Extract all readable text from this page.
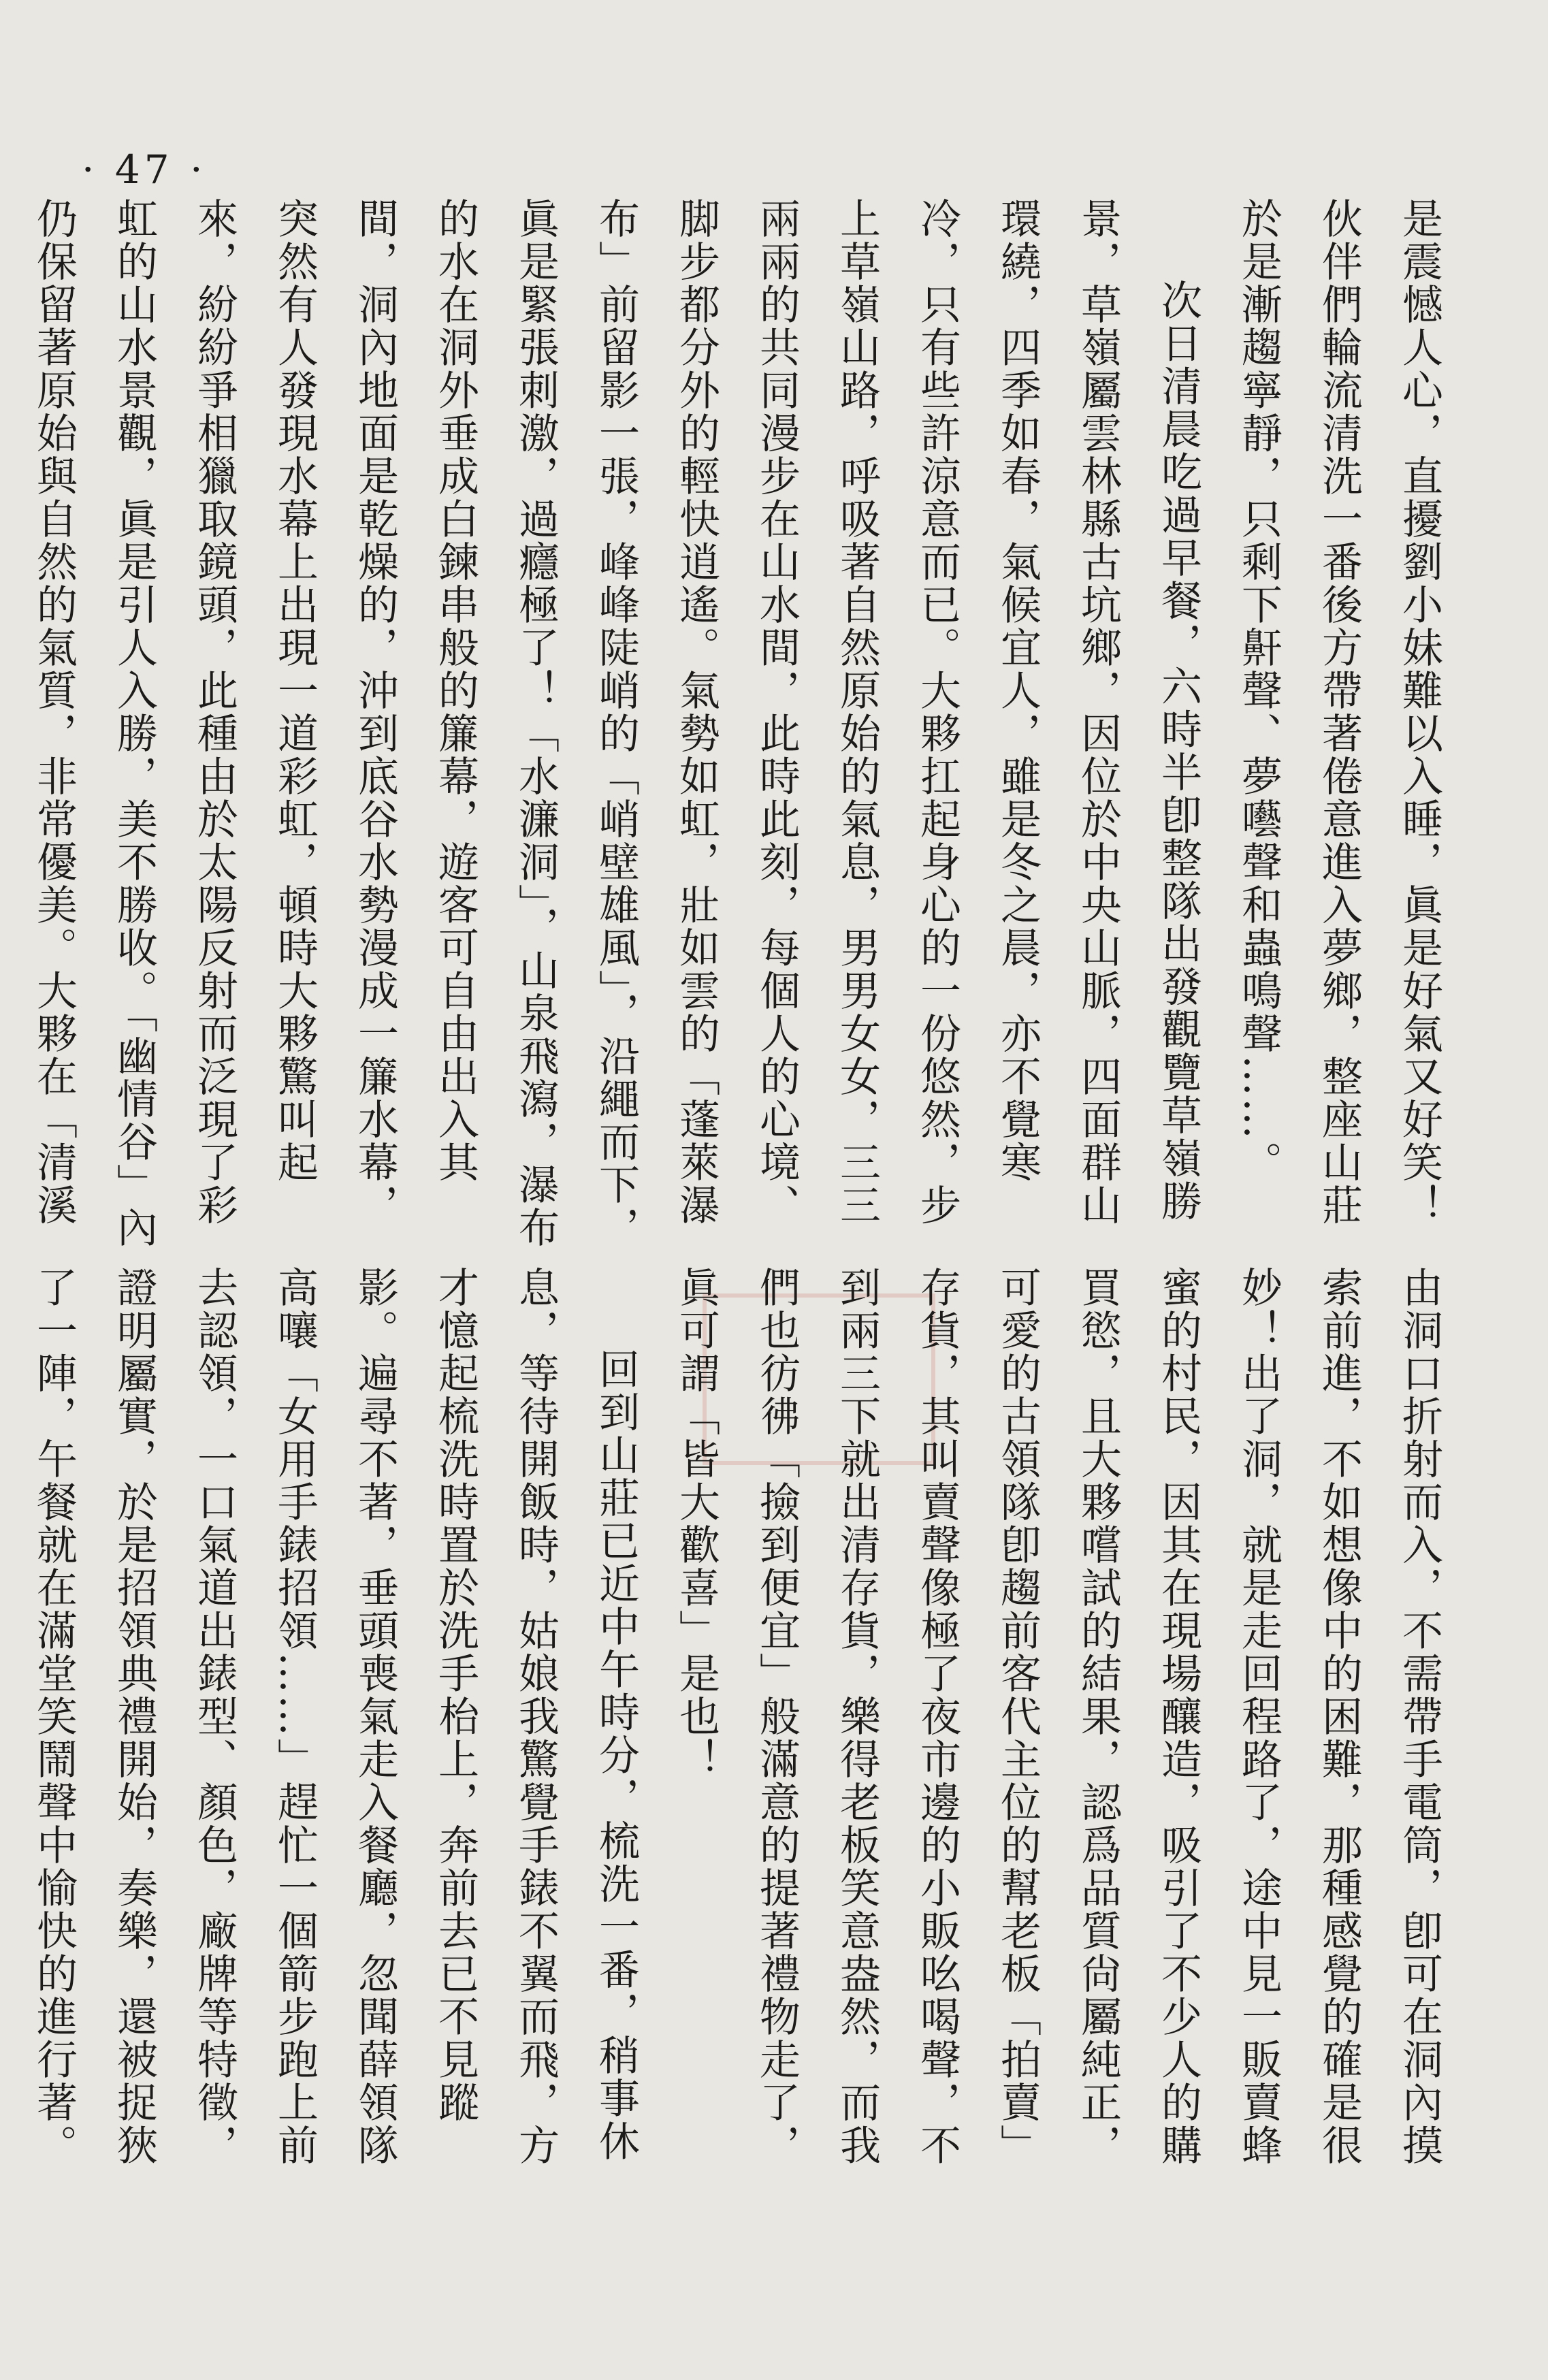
· 47 ·

是震憾人心，直擾劉小妹難以入睡，眞是好氣又好笑！伙伴們輪流清洗一番後方帶著倦意進入夢鄉，整座山莊於是漸趨寧靜，只剩下鼾聲、夢囈聲和蟲鳴聲……。

次日清晨吃過早餐，六時半卽整隊出發觀覽草嶺勝景，草嶺屬雲林縣古坑鄉，因位於中央山脈，四面群山環繞，四季如春，氣候宜人，雖是冬之晨，亦不覺寒冷，只有些許涼意而已。大夥扛起身心的一份悠然，步上草嶺山路，呼吸著自然原始的氣息，男男女女，三三兩兩的共同漫步在山水間，此時此刻，每個人的心境、脚步都分外的輕快逍遙。氣勢如虹，壯如雲的「蓬萊瀑布」前留影一張，峰峰陡峭的「峭壁雄風」，沿繩而下，眞是緊張刺激，過癮極了！「水濂洞」，山泉飛瀉，瀑布的水在洞外垂成白鍊串般的簾幕，遊客可自由出入其間，洞內地面是乾燥的，沖到底谷水勢漫成一簾水幕，突然有人發現水幕上出現一道彩虹，頓時大夥驚叫起來，紛紛爭相獵取鏡頭，此種由於太陽反射而泛現了彩虹的山水景觀，眞是引人入勝，美不勝收。「幽情谷」內仍保留著原始與自然的氣質，非常優美。大夥在「清溪

由洞口折射而入，不需帶手電筒，卽可在洞內摸索前進，不如想像中的困難，那種感覺的確是很妙！出了洞，就是走回程路了，途中見一販賣蜂蜜的村民，因其在現場釀造，吸引了不少人的購買慾，且大夥嚐試的結果，認爲品質尙屬純正，可愛的古領隊卽趨前客代主位的幫老板「拍賣」存貨，其叫賣聲像極了夜市邊的小販吆喝聲，不到兩三下就出清存貨，樂得老板笑意盎然，而我們也彷彿「撿到便宜」般滿意的提著禮物走了，眞可謂「皆大歡喜」是也！

回到山莊已近中午時分，梳洗一番，稍事休息，等待開飯時，姑娘我驚覺手錶不翼而飛，方才憶起梳洗時置於洗手枱上，奔前去已不見蹤影。遍尋不著，垂頭喪氣走入餐廳，忽聞薛領隊高嚷「女用手錶招領……」趕忙一個箭步跑上前去認領，一口氣道出錶型、顏色，廠牌等特徵，證明屬實，於是招領典禮開始，奏樂，還被捉狹了一陣，午餐就在滿堂笑鬧聲中愉快的進行著。
